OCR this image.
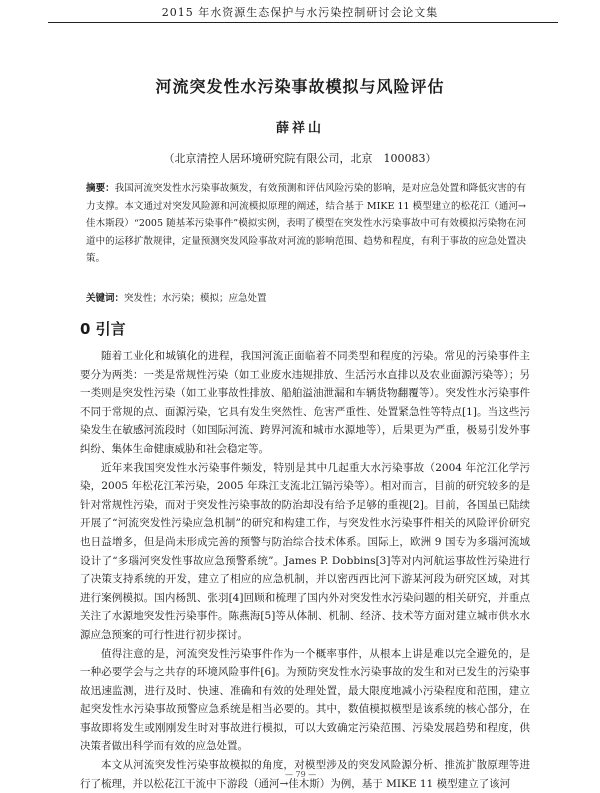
2015 年水资源生态保护与水污染控制研讨会论文集
河流突发性水污染事故模拟与风险评估
薛祥山
（北京清控人居环境研究院有限公司，北京　100083）
摘要：我国河流突发性水污染事故频发，有效预测和评估风险污染的影响，是对应急处置和降低灾害的有力支撑。本文通过对突发风险源和河流模拟原理的阐述，结合基于 MIKE 11 模型建立的松花江（通河→佳木斯段）“2005 随基苯污染事件”模拟实例，表明了模型在突发性水污染事故中可有效模拟污染物在河道中的运移扩散规律，定量预测突发风险事故对河流的影响范围、趋势和程度，有利于事故的应急处置决策。
关键词：突发性；水污染；模拟；应急处置
0 引言

随着工业化和城镇化的进程，我国河流正面临着不同类型和程度的污染。常见的污染事件主要分为两类：一类是常规性污染（如工业废水违规排放、生活污水直排以及农业面源污染等）；另一类则是突发性污染（如工业事故性排放、船舶溢油泄漏和车辆货物翻覆等）。突发性水污染事件不同于常规的点、面源污染，它具有发生突然性、危害严重性、处置紧急性等特点[1]。当这些污染发生在敏感河流段时（如国际河流、跨界河流和城市水源地等），后果更为严重，极易引发外事纠纷、集体生命健康威胁和社会稳定等。

近年来我国突发性水污染事件频发，特别是其中几起重大水污染事故（2004 年沱江化学污染，2005 年松花江苯污染，2005 年珠江支流北江镉污染等）。相对而言，目前的研究较多的是针对常规性污染，而对于突发性污染事故的防治却没有给予足够的重视[2]。目前，各国虽已陆续开展了“河流突发性污染应急机制”的研究和构建工作，与突发性水污染事件相关的风险评价研究也日益增多，但是尚未形成完善的预警与防治综合技术体系。国际上，欧洲 9 国专为多瑙河流域设计了“多瑙河突发性事故应急预警系统”。James P. Dobbins[3]等对内河航运事故性污染进行了决策支持系统的开发，建立了相应的应急机制，并以密西西比河下游某河段为研究区域，对其进行案例模拟。国内杨凯、张羽[4]回顾和梳理了国内外对突发性水污染问题的相关研究，并重点关注了水源地突发性污染事件。陈燕海[5]等从体制、机制、经济、技术等方面对建立城市供水水源应急预案的可行性进行初步探讨。

值得注意的是，河流突发性污染事件作为一个概率事件，从根本上讲是难以完全避免的，是一种必要学会与之共存的环境风险事件[6]。为预防突发性水污染事故的发生和对已发生的污染事故迅速监测，进行及时、快速、准确和有效的处理处置，最大限度地减小污染程度和范围，建立起突发性水污染事故预警应急系统是相当必要的。其中，数值模拟模型是该系统的核心部分，在事故即将发生或刚刚发生时对事故进行模拟，可以大致确定污染范围、污染发展趋势和程度，供决策者做出科学而有效的应急处置。

本文从河流突发性污染事故模拟的角度，对模型涉及的突发风险源分析、推流扩散原理等进行了梳理，并以松花江干流中下游段（通河→佳木斯）为例，基于 MIKE 11 模型建立了该河

— 79 —
